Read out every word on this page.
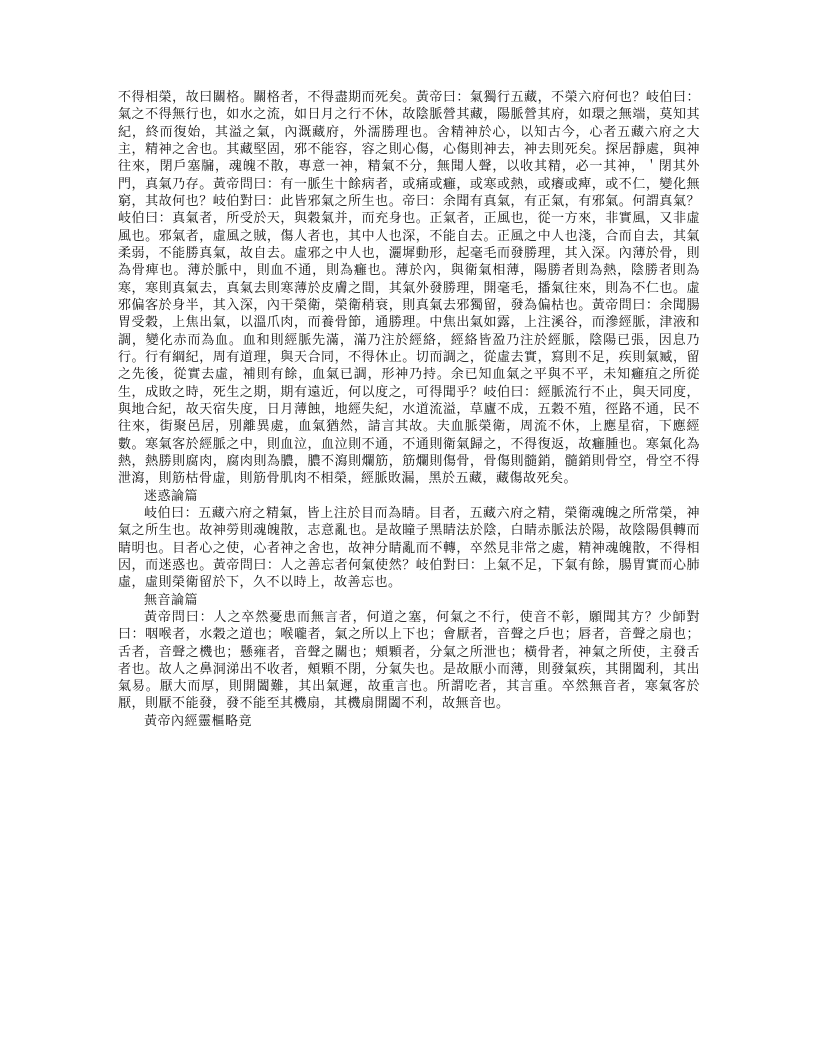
不得相榮，故曰關格。關格者，不得盡期而死矣。黃帝曰：氣獨行五藏，不榮六府何也？岐伯曰：氣之不得無行也，如水之流，如日月之行不休，故陰脈營其藏，陽脈營其府，如環之無端，莫知其紀，終而復始，其溢之氣，內溉藏府，外濡勝理也。舍精神於心，以知古今，心者五藏六府之大主，精神之舍也。其藏堅固，邪不能容，容之則心傷，心傷則神去，神去則死矣。探居靜處，與神往來，閉戶塞牖，魂魄不散，專意一神，精氣不分，無聞人聲，以收其精，必一其神，＇閉其外門，真氣乃存。黃帝問曰：有一脈生十餘病者，或痛或癰，或寒或熱，或癢或痺，或不仁，變化無窮，其故何也？岐伯對曰：此皆邪氣之所生也。帝曰：余聞有真氣，有正氣，有邪氣。何謂真氣？岐伯曰：真氣者，所受於天，與穀氣并，而充身也。正氣者，正風也，從一方來，非實風，又非虛風也。邪氣者，虛風之賊，傷人者也，其中人也深，不能自去。正風之中人也淺，合而自去，其氣柔弱，不能勝真氣，故自去。虛邪之中人也，灑墀動形，起毫毛而發勝理，其入深。內薄於骨，則為骨痺也。薄於脈中，則血不通，則為癰也。薄於內，與衛氣相薄，陽勝者則為熱，陰勝者則為寒，寒則真氣去，真氣去則寒薄於皮膚之間，其氣外發勝理，開毫毛，播氣往來，則為不仁也。虛邪偏客於身半，其入深，內干榮衛，榮衛稍衰，則真氣去邪獨留，發為偏枯也。黃帝問曰：余聞腸胃受穀，上焦出氣，以溫爪肉，而養骨節，通勝理。中焦出氣如露，上注溪谷，而滲經脈，津液和調，變化赤而為血。血和則經脈先滿，滿乃注於經絡，經絡皆盈乃注於經脈，陰陽已張，因息乃行。行有綱紀，周有道理，與天合同，不得休止。切而調之，從虛去實，寫則不足，疾則氣臧，留之先後，從實去虛，補則有餘，血氣已調，形神乃持。余已知血氣之平與不平，未知癰疽之所從生，成敗之時，死生之期，期有遠近，何以度之，可得聞乎？岐伯曰：經脈流行不止，與天同度，與地合紀，故天宿失度，日月薄蝕，地經失紀，水道流溢，草廬不成，五穀不殖，徑路不通，民不往來，街聚邑居，別離異處，血氣猶然，請言其故。夫血脈榮衛，周流不休，上應星宿，下應經數。寒氣客於經脈之中，則血泣，血泣則不通，不通則衛氣歸之，不得復返，故癰腫也。寒氣化為熱，熱勝則腐肉，腐肉則為膿，膿不瀉則爛筋，筋爛則傷骨，骨傷則髓銷，髓銷則骨空，骨空不得泄瀉，則筋枯骨虛，則筋骨肌肉不相榮，經脈敗漏，黑於五藏，藏傷故死矣。

迷惑論篇

岐伯曰：五藏六府之精氣，皆上注於目而為睛。目者，五藏六府之精，榮衛魂魄之所常榮，神氣之所生也。故神勞則魂魄散，志意亂也。是故瞳子黑睛法於陰，白睛赤脈法於陽，故陰陽俱轉而睛明也。目者心之使，心者神之舍也，故神分睛亂而不轉，卒然見非常之處，精神魂魄散，不得相因，而迷惑也。黃帝問曰：人之善忘者何氣使然？岐伯對曰：上氣不足，下氣有餘，腸胃實而心肺虛，虛則榮衛留於下，久不以時上，故善忘也。

無音論篇

黃帝問曰：人之卒然憂患而無言者，何道之塞，何氣之不行，使音不彰，願聞其方？少師對曰：咽喉者，水穀之道也；喉嚨者，氣之所以上下也；會厭者，音聲之戶也；唇者，音聲之扇也；舌者，音聲之機也；懸雍者，音聲之關也；頰顆者，分氣之所泄也；橫骨者，神氣之所使，主發舌者也。故人之鼻洞涕出不收者，頰顆不閉，分氣失也。是故厭小而薄，則發氣疾，其開闔利，其出氣易。厭大而厚，則開闔難，其出氣遲，故重言也。所謂吃者，其言重。卒然無音者，寒氣客於厭，則厭不能發，發不能至其機扇，其機扇開闔不利，故無音也。

黃帝內經靈樞略竟
